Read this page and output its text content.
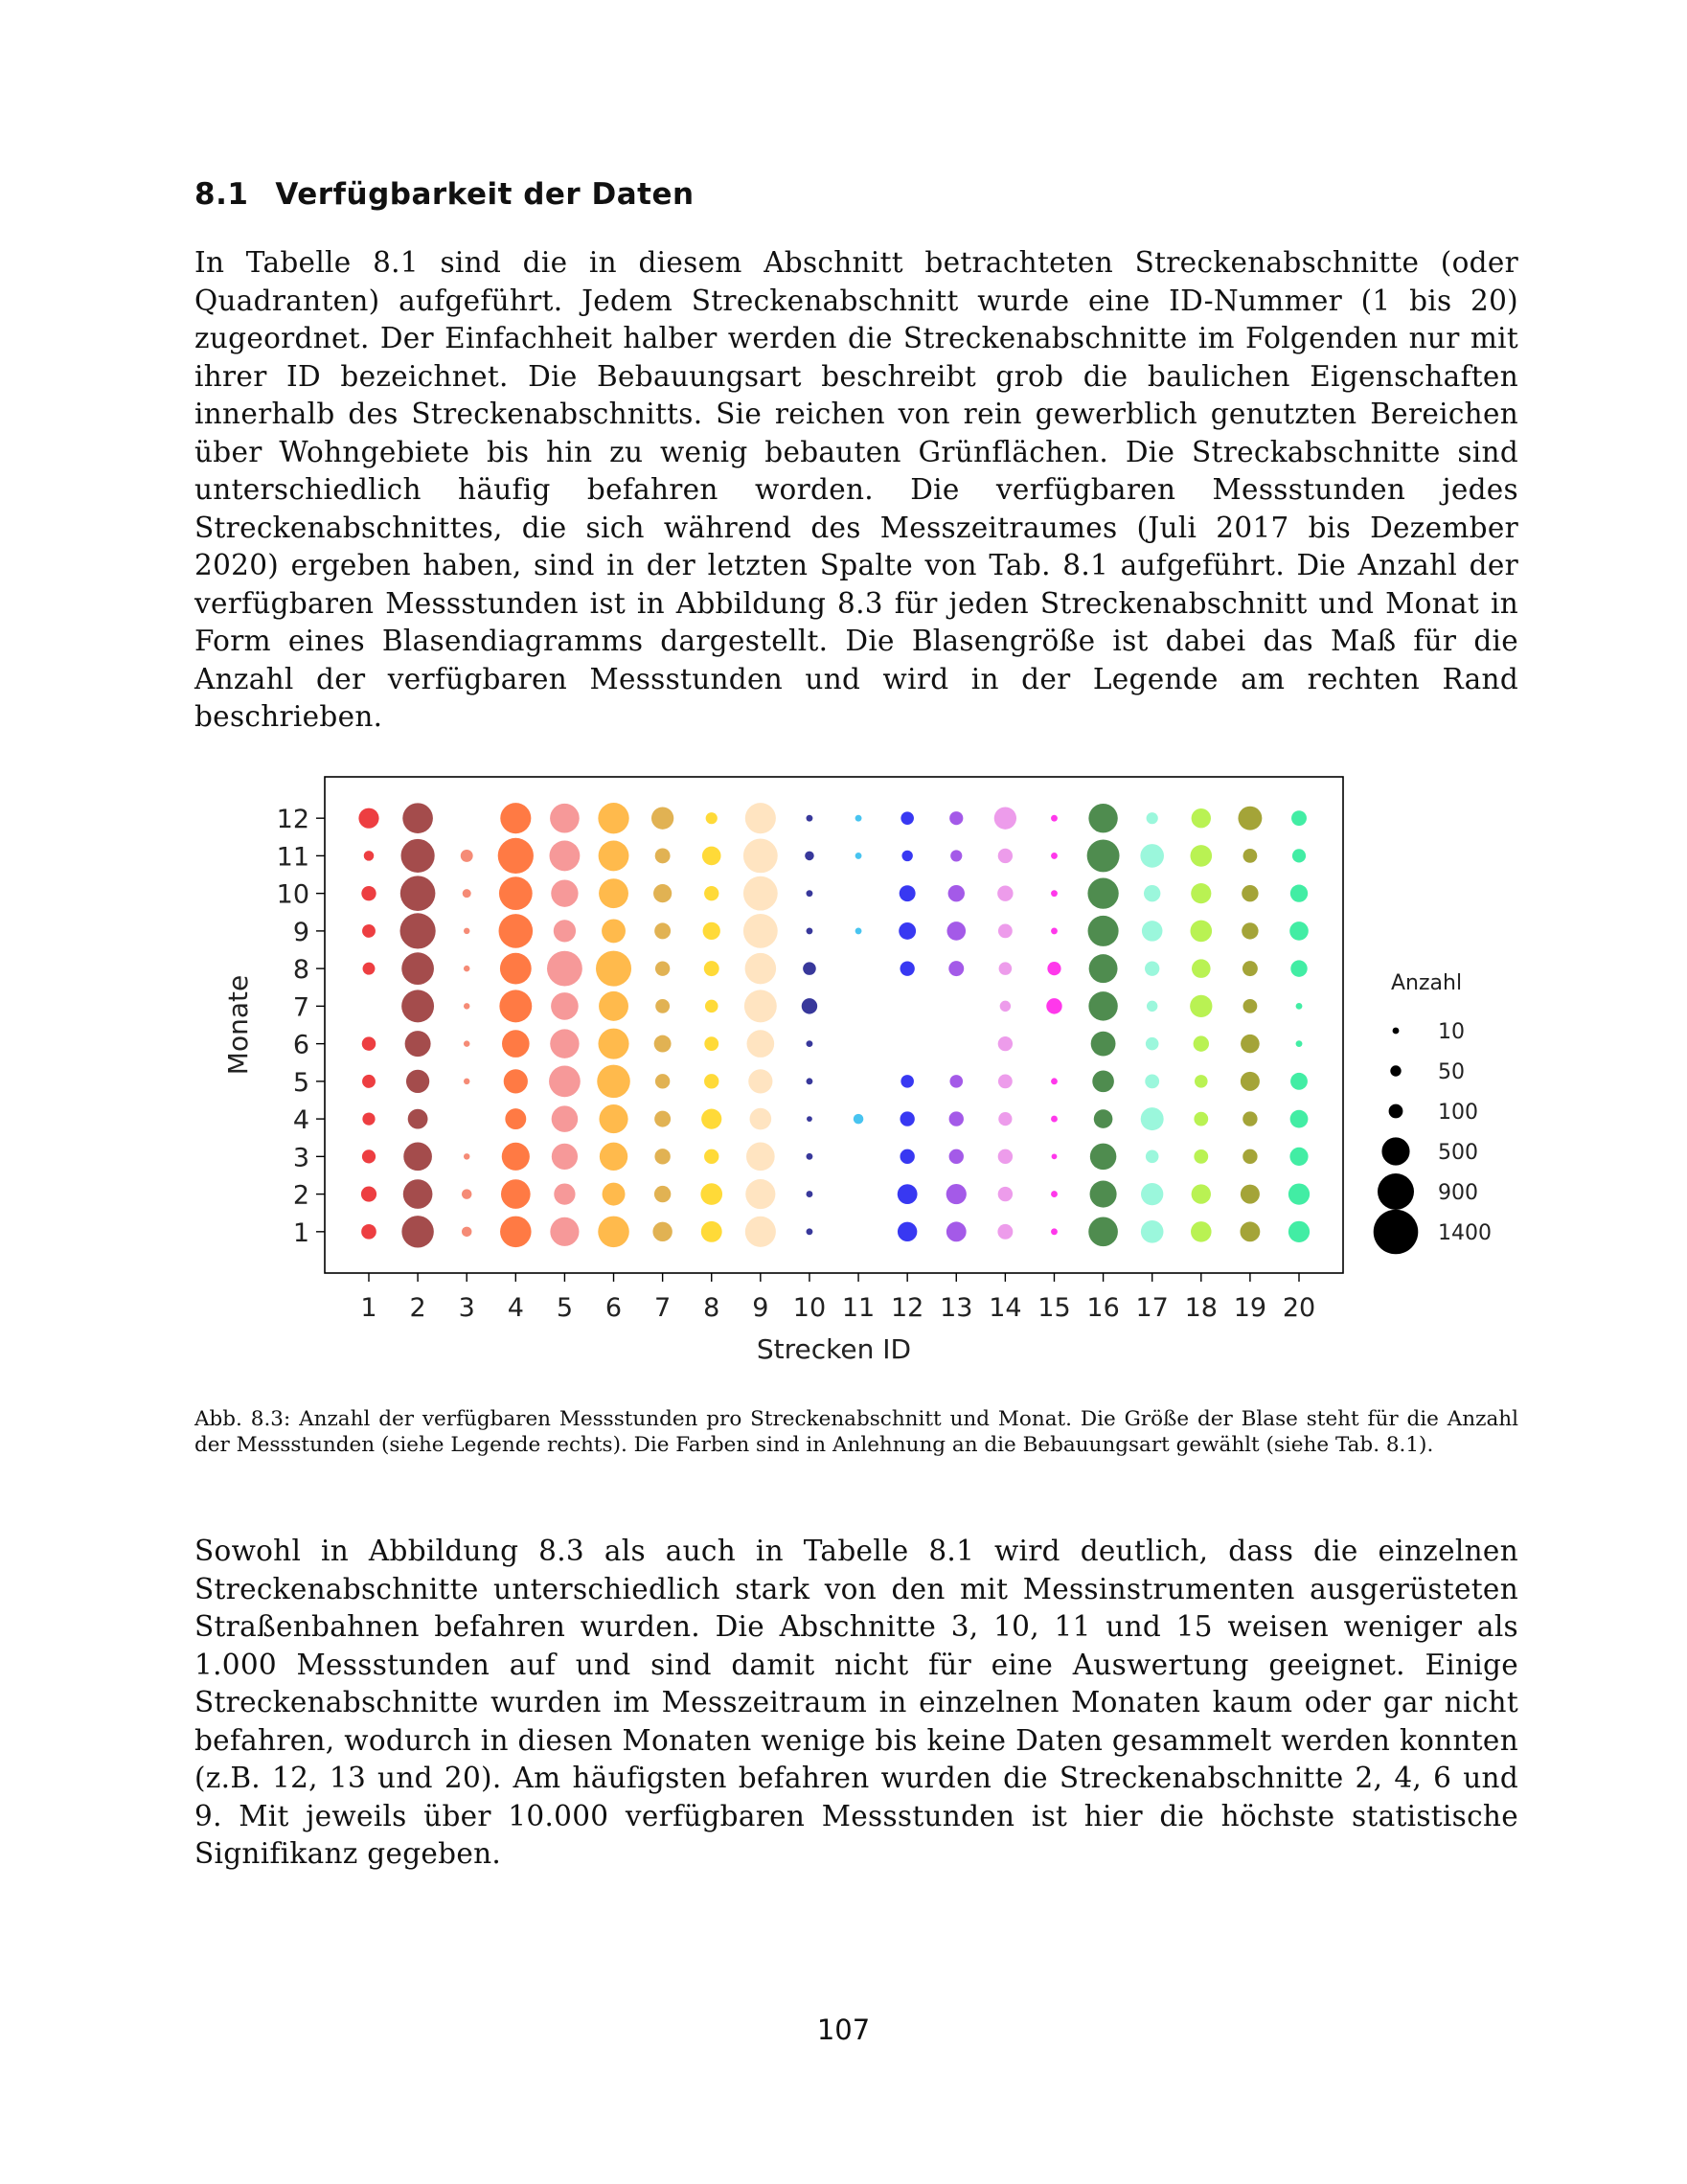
8.1 Verfügbarkeit der Daten

In Tabelle 8.1 sind die in diesem Abschnitt betrachteten Streckenabschnitte (oder Quadranten) aufgeführt. Jedem Streckenabschnitt wurde eine ID-Nummer (1 bis 20) zugeordnet. Der Einfachheit halber werden die Streckenabschnitte im Folgenden nur mit ihrer ID bezeichnet. Die Bebauungsart beschreibt grob die baulichen Eigenschaften innerhalb des Streckenabschnitts. Sie reichen von rein gewerblich genutzten Bereichen über Wohngebiete bis hin zu wenig bebauten Grünflächen. Die Streckabschnitte sind unterschiedlich häufig befahren worden. Die verfügbaren Messstunden jedes Streckenabschnittes, die sich während des Messzeitraumes (Juli 2017 bis Dezember 2020) ergeben haben, sind in der letzten Spalte von Tab. 8.1 aufgeführt. Die Anzahl der verfügbaren Messstunden ist in Abbildung 8.3 für jeden Streckenabschnitt und Monat in Form eines Blasendiagramms dargestellt. Die Blasengröße ist dabei das Maß für die Anzahl der verfügbaren Messstunden und wird in der Legende am rechten Rand beschrieben.

1 2 3 4 5 6 7 8 9 10 11 12 13 14 15 16 17 18 19 20
1
2
3
4
5
6
7
8
9
10
11
12
Strecken ID
Monate	Anzahl
10
50
100
500
900
1400

Abb. 8.3: Anzahl der verfügbaren Messstunden pro Streckenabschnitt und Monat. Die Größe der Blase steht für die Anzahl der Messstunden (siehe Legende rechts). Die Farben sind in Anlehnung an die Bebauungsart gewählt (siehe Tab. 8.1).

Sowohl in Abbildung 8.3 als auch in Tabelle 8.1 wird deutlich, dass die einzelnen Streckenabschnitte unterschiedlich stark von den mit Messinstrumenten ausgerüsteten Straßenbahnen befahren wurden. Die Abschnitte 3, 10, 11 und 15 weisen weniger als 1.000 Messstunden auf und sind damit nicht für eine Auswertung geeignet. Einige Streckenabschnitte wurden im Messzeitraum in einzelnen Monaten kaum oder gar nicht befahren, wodurch in diesen Monaten wenige bis keine Daten gesammelt werden konnten (z.B. 12, 13 und 20). Am häufigsten befahren wurden die Streckenabschnitte 2, 4, 6 und 9. Mit jeweils über 10.000 verfügbaren Messstunden ist hier die höchste statistische Signifikanz gegeben.

107
